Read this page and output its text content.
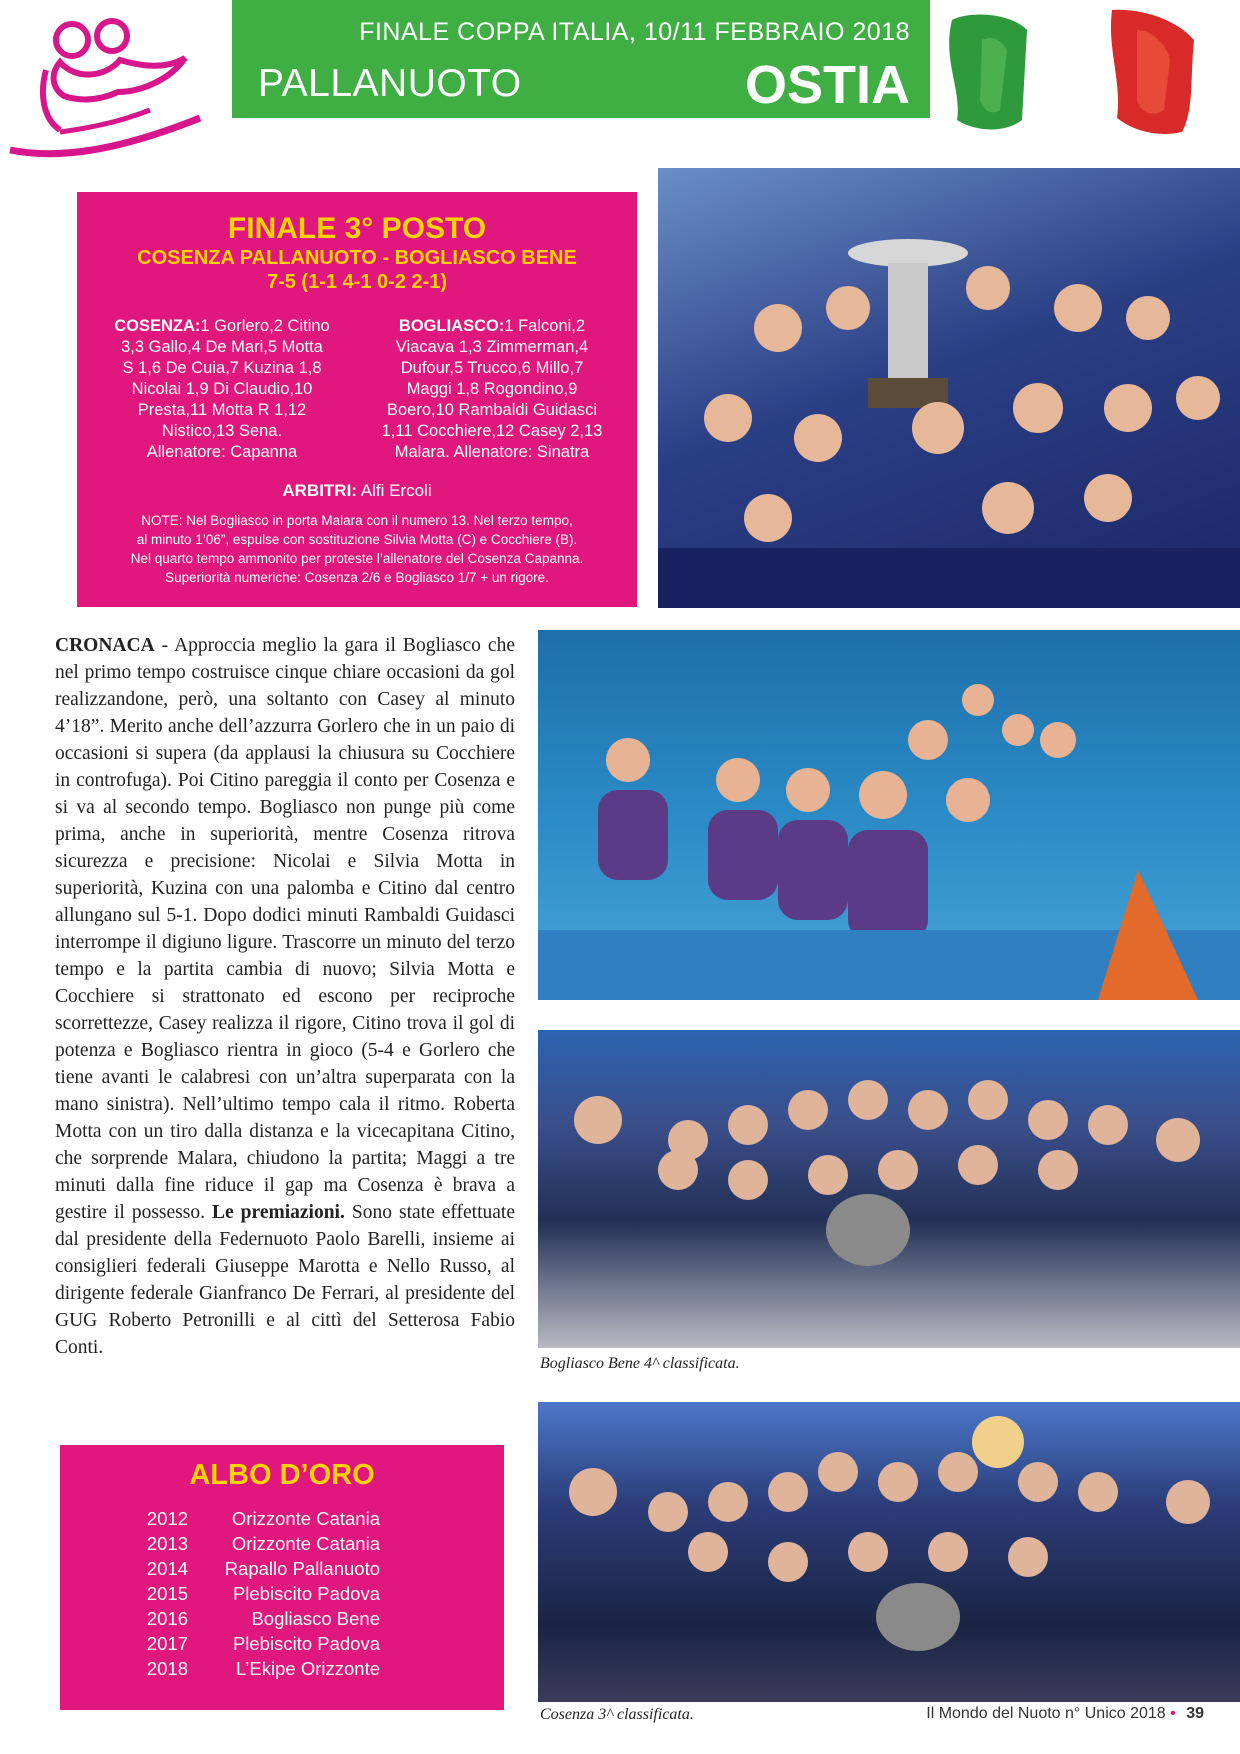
FINALE COPPA ITALIA, 10/11 FEBBRAIO 2018
PALLANUOTO	OSTIA
FINALE 3° POSTO
COSENZA PALLANUOTO - BOGLIASCO BENE
7-5 (1-1 4-1 0-2 2-1)
COSENZA:1 Gorlero,2 Citino
3,3 Gallo,4 De Mari,5 Motta
S 1,6 De Cuia,7 Kuzina 1,8
Nicolai 1,9 Di Claudio,10
Presta,11 Motta R 1,12
Nistico,13 Sena.
Allenatore: Capanna
BOGLIASCO:1 Falconi,2
Viacava 1,3 Zimmerman,4
Dufour,5 Trucco,6 Millo,7
Maggi 1,8 Rogondino,9
Boero,10 Rambaldi Guidasci
1,11 Cocchiere,12 Casey 2,13
Malara. Allenatore: Sinatra
ARBITRI: Alfi Ercoli
NOTE: Nel Bogliasco in porta Malara con il numero 13. Nel terzo tempo,
al minuto 1’06”, espulse con sostituzione Silvia Motta (C) e Cocchiere (B).
Nel quarto tempo ammonito per proteste l’allenatore del Cosenza Capanna.
Superiorità numeriche: Cosenza 2/6 e Bogliasco 1/7 + un rigore.
Bogliasco Bene 4^ classificata.
Cosenza 3^ classificata.

CRONACA - Approccia meglio la gara il Bogliasco che nel primo tempo costruisce cinque chiare occasioni da gol realizzandone, però, una soltanto con Casey al minuto 4’18”. Merito anche dell’azzurra Gorlero che in un paio di occasioni si supera (da applausi la chiusura su Cocchiere in controfuga). Poi Citino pareggia il conto per Cosenza e si va al secondo tempo. Bogliasco non punge più come prima, anche in superiorità, mentre Cosenza ritrova sicurezza e precisione: Nicolai e Silvia Motta in superiorità, Kuzina con una palomba e Citino dal centro allungano sul 5-1. Dopo dodici minuti Rambaldi Guidasci interrompe il digiuno ligure. Trascorre un minuto del terzo tempo e la partita cambia di nuovo; Silvia Motta e Cocchiere si strattonato ed escono per reciproche scorrettezze, Casey realizza il rigore, Citino trova il gol di potenza e Bogliasco rientra in gioco (5-4 e Gorlero che tiene avanti le calabresi con un’altra superparata con la mano sinistra). Nell’ultimo tempo cala il ritmo. Roberta Motta con un tiro dalla distanza e la vicecapitana Citino, che sorprende Malara, chiudono la partita; Maggi a tre minuti dalla fine riduce il gap ma Cosenza è brava a gestire il possesso. Le premiazioni. Sono state effettuate dal presidente della Federnuoto Paolo Barelli, insieme ai consiglieri federali Giuseppe Marotta e Nello Russo, al dirigente federale Gianfranco De Ferrari, al presidente del GUG Roberto Petronilli e al cittì del Setterosa Fabio Conti.

ALBO D’ORO
2012	Orizzonte Catania
2013	Orizzonte Catania
2014	Rapallo Pallanuoto
2015	Plebiscito Padova
2016	Bogliasco Bene
2017	Plebiscito Padova
2018	L’Ekipe Orizzonte
Il Mondo del Nuoto n° Unico 2018 • 39
